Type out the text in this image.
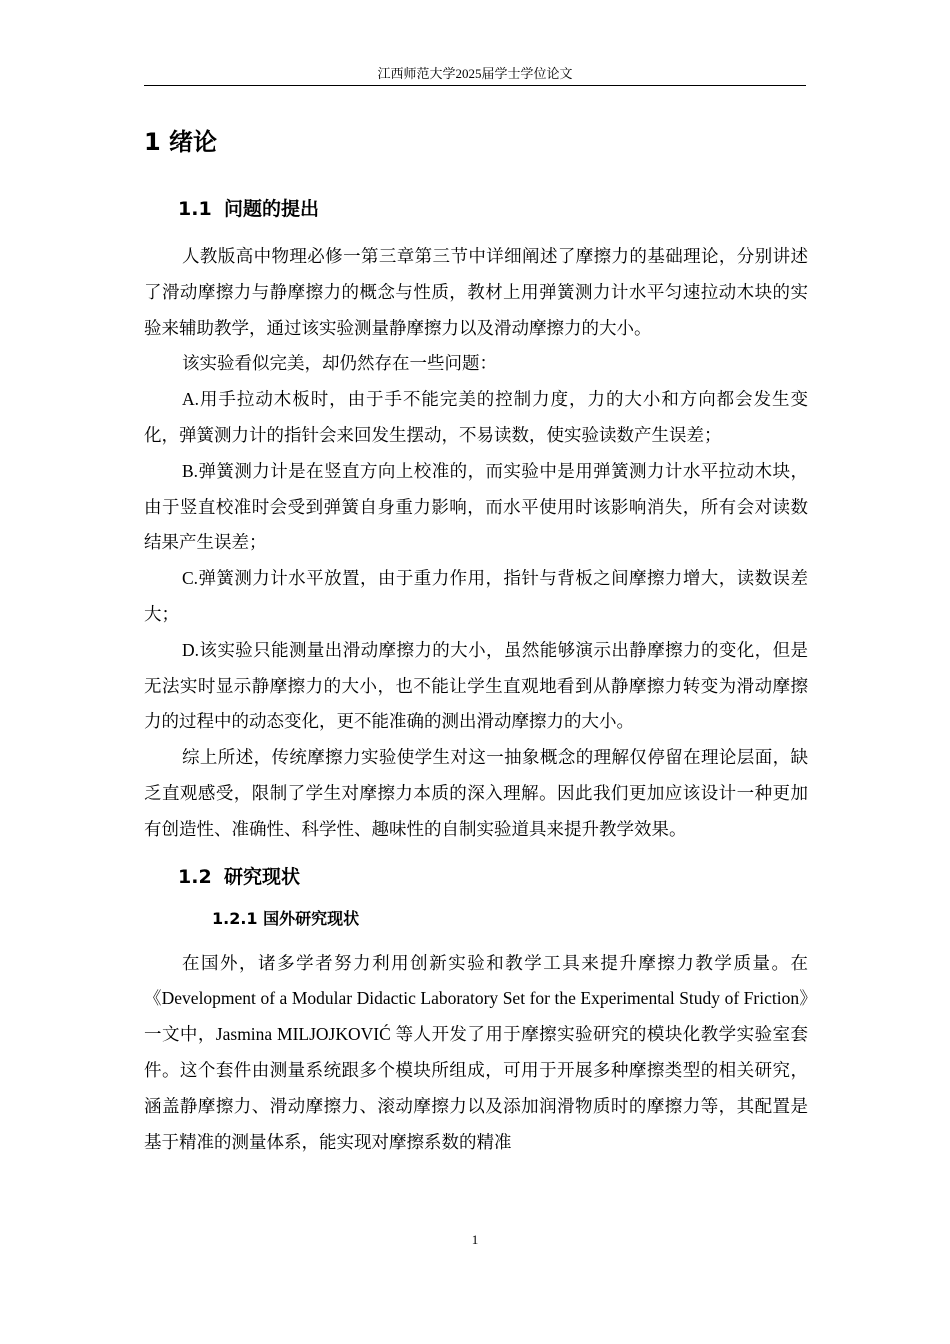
江西师范大学2025届学士学位论文
1 绪论
1.1 问题的提出

人教版高中物理必修一第三章第三节中详细阐述了摩擦力的基础理论，分别讲述了滑动摩擦力与静摩擦力的概念与性质，教材上用弹簧测力计水平匀速拉动木块的实验来辅助教学，通过该实验测量静摩擦力以及滑动摩擦力的大小。

该实验看似完美，却仍然存在一些问题：

A.用手拉动木板时，由于手不能完美的控制力度，力的大小和方向都会发生变化，弹簧测力计的指针会来回发生摆动，不易读数，使实验读数产生误差；

B.弹簧测力计是在竖直方向上校准的，而实验中是用弹簧测力计水平拉动木块，由于竖直校准时会受到弹簧自身重力影响，而水平使用时该影响消失，所有会对读数结果产生误差；

C.弹簧测力计水平放置，由于重力作用，指针与背板之间摩擦力增大，读数误差大；

D.该实验只能测量出滑动摩擦力的大小，虽然能够演示出静摩擦力的变化，但是无法实时显示静摩擦力的大小，也不能让学生直观地看到从静摩擦力转变为滑动摩擦力的过程中的动态变化，更不能准确的测出滑动摩擦力的大小。

综上所述，传统摩擦力实验使学生对这一抽象概念的理解仅停留在理论层面，缺乏直观感受，限制了学生对摩擦力本质的深入理解。因此我们更加应该设计一种更加有创造性、准确性、科学性、趣味性的自制实验道具来提升教学效果。

1.2 研究现状
1.2.1 国外研究现状

在国外，诸多学者努力利用创新实验和教学工具来提升摩擦力教学质量。在《Development of a Modular Didactic Laboratory Set for the Experimental Study of Friction》一文中，Jasmina MILJOJKOVIĆ 等人开发了用于摩擦实验研究的模块化教学实验室套件。这个套件由测量系统跟多个模块所组成，可用于开展多种摩擦类型的相关研究，涵盖静摩擦力、滑动摩擦力、滚动摩擦力以及添加润滑物质时的摩擦力等，其配置是基于精准的测量体系，能实现对摩擦系数的精准

1
